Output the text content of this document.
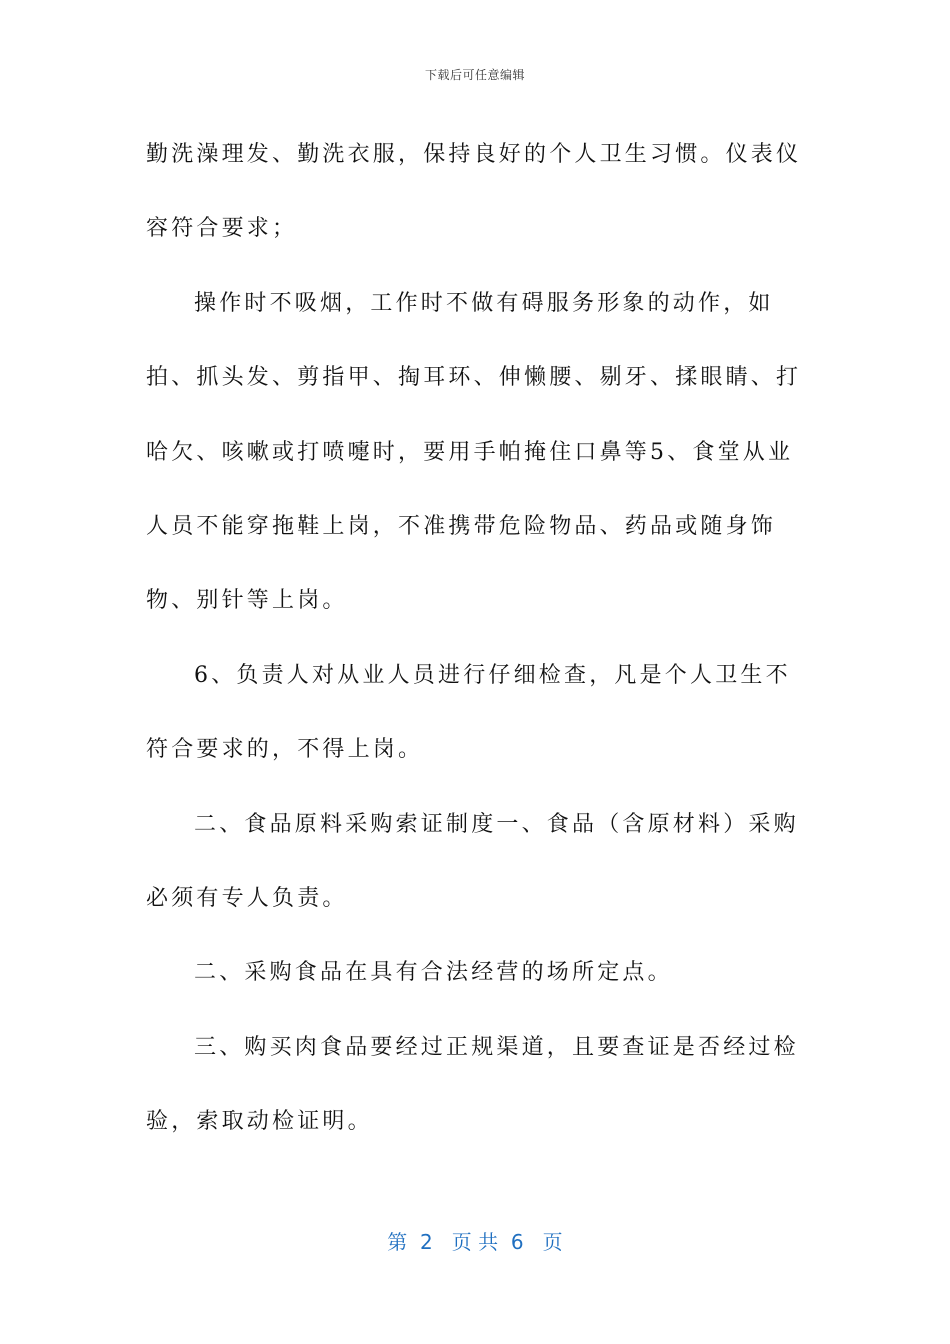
下载后可任意编辑

勤洗澡理发、勤洗衣服，保持良好的个人卫生习惯。仪表仪容符合要求；

操作时不吸烟，工作时不做有碍服务形象的动作，如拍、抓头发、剪指甲、掏耳环、伸懒腰、剔牙、揉眼睛、打哈欠、咳嗽或打喷嚏时，要用手帕掩住口鼻等5、食堂从业人员不能穿拖鞋上岗，不准携带危险物品、药品或随身饰物、别针等上岗。

6、负责人对从业人员进行仔细检查，凡是个人卫生不符合要求的，不得上岗。

二、食品原料采购索证制度一、食品（含原材料）采购必须有专人负责。

二、采购食品在具有合法经营的场所定点。

三、购买肉食品要经过正规渠道，且要查证是否经过检验，索取动检证明。

第  2   页 共  6   页
